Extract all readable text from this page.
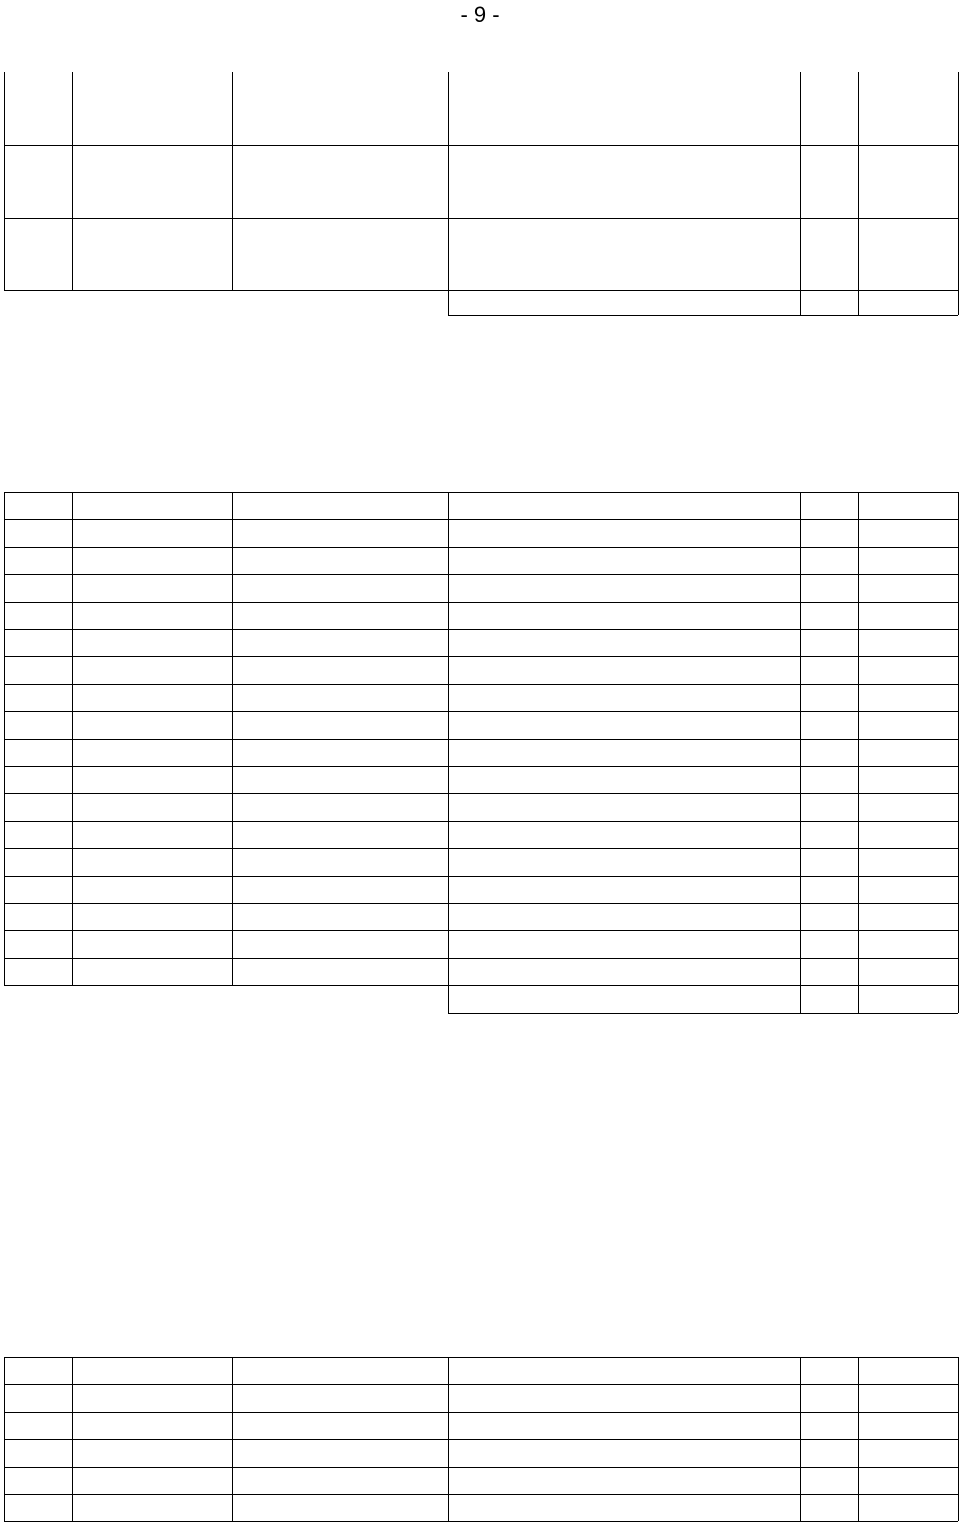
- 9 -
